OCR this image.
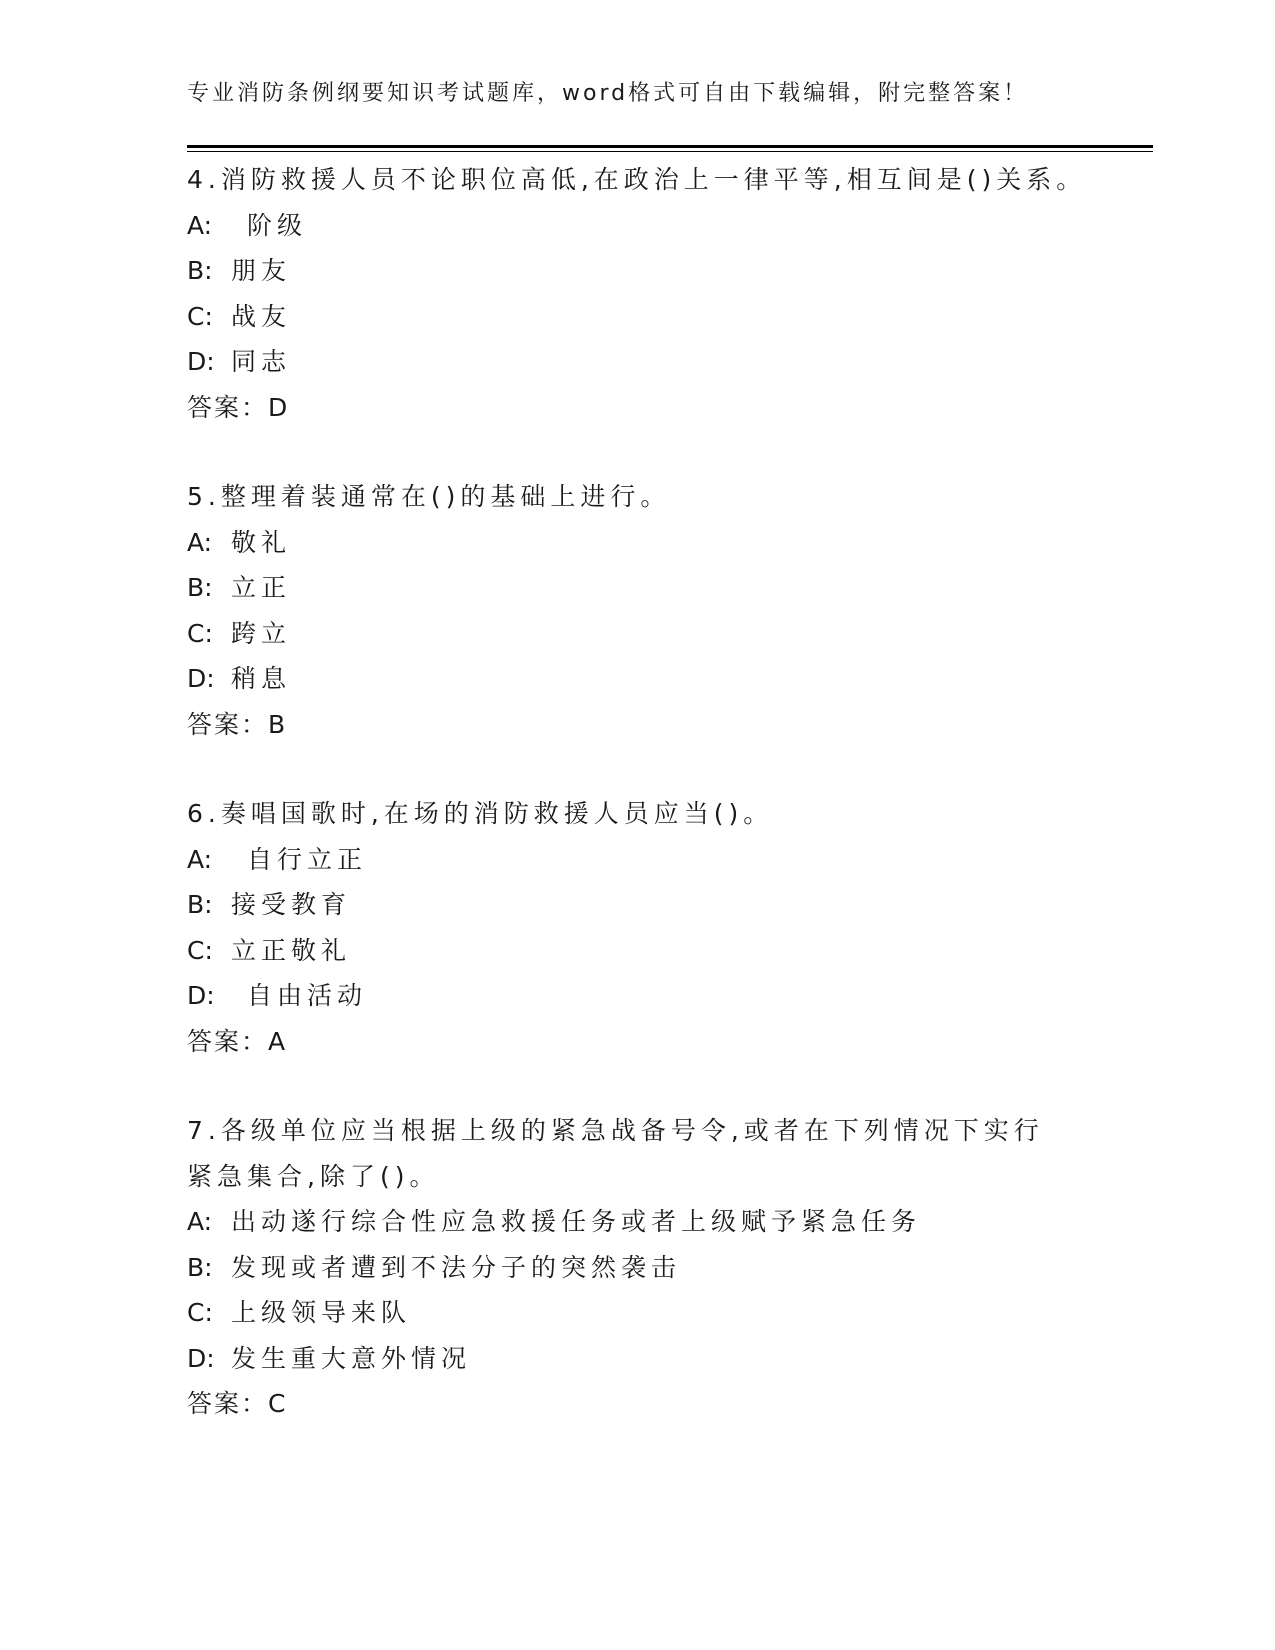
专业消防条例纲要知识考试题库，word格式可自由下载编辑，附完整答案！
4.消防救援人员不论职位高低,在政治上一律平等,相互间是()关系。
A: 阶级
B: 朋友
C: 战友
D: 同志
答案：D
5.整理着装通常在()的基础上进行。
A: 敬礼
B: 立正
C: 跨立
D: 稍息
答案：B
6.奏唱国歌时,在场的消防救援人员应当()。
A: 自行立正
B: 接受教育
C: 立正敬礼
D: 自由活动
答案：A
7.各级单位应当根据上级的紧急战备号令,或者在下列情况下实行紧急集合,除了()。
A: 出动遂行综合性应急救援任务或者上级赋予紧急任务
B: 发现或者遭到不法分子的突然袭击
C: 上级领导来队
D: 发生重大意外情况
答案：C
